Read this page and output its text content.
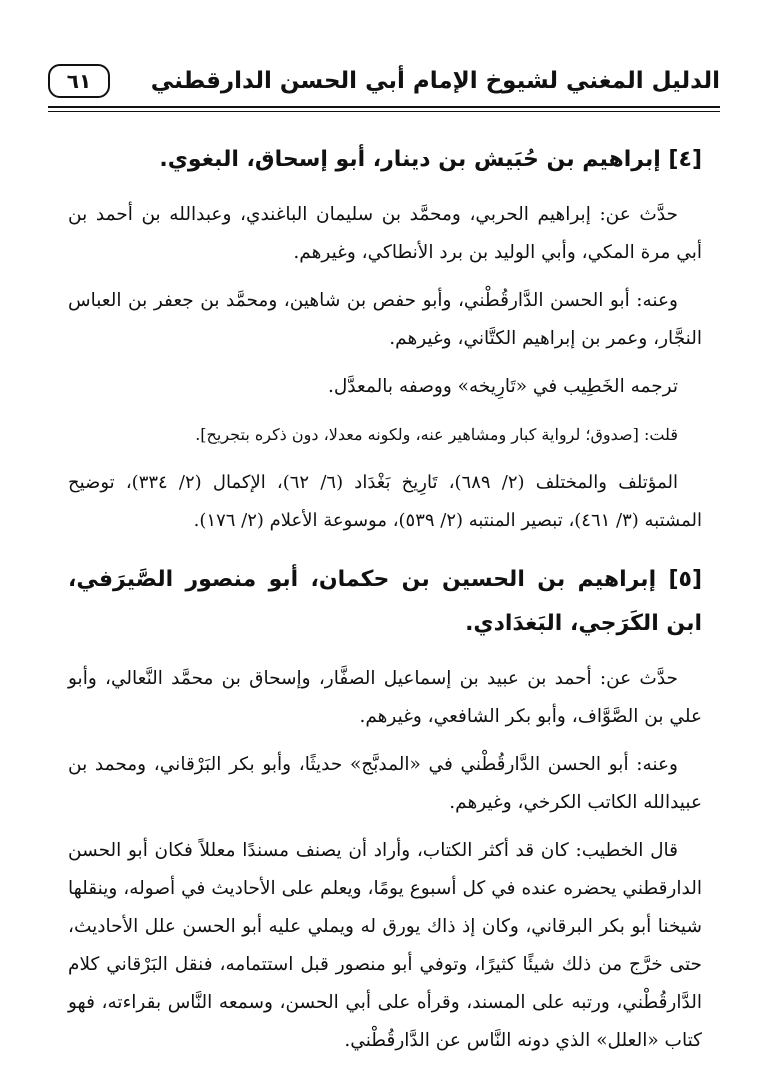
الدليل المغني لشيوخ الإمام أبي الحسن الدارقطني
٦١
[٤] إبراهيم بن حُبَيش بن دينار، أبو إسحاق، البغوي.

حدَّث عن: إبراهيم الحربي، ومحمَّد بن سليمان الباغندي، وعبدالله بن أحمد بن أبي مرة المكي، وأبي الوليد بن برد الأنطاكي، وغيرهم.

وعنه: أبو الحسن الدَّارقُطْني، وأبو حفص بن شاهين، ومحمَّد بن جعفر بن العباس النجَّار، وعمر بن إبراهيم الكتَّاني، وغيرهم.

ترجمه الخَطِيب في «تَارِيخه» ووصفه بالمعدَّل.

قلت: [صدوق؛ لرواية كبار ومشاهير عنه، ولكونه معدلا، دون ذكره بتجريح].

المؤتلف والمختلف (٢/ ٦٨٩)، تَارِيخ بَغْدَاد (٦/ ٦٢)، الإكمال (٢/ ٣٣٤)، توضيح المشتبه (٣/ ٤٦١)، تبصير المنتبه (٢/ ٥٣٩)، موسوعة الأعلام (٢/ ١٧٦).

[٥] إبراهيم بن الحسين بن حكمان، أبو منصور الصَّيرَفي، ابن الكَرَجي، البَغدَادي.

حدَّث عن: أحمد بن عبيد بن إسماعيل الصفَّار، وإسحاق بن محمَّد النَّعالي، وأبو علي بن الصَّوَّاف، وأبو بكر الشافعي، وغيرهم.

وعنه: أبو الحسن الدَّارقُطْني في «المدبَّج» حديثًا، وأبو بكر البَرْقاني، ومحمد بن عبيدالله الكاتب الكرخي، وغيرهم.

قال الخطيب: كان قد أكثر الكتاب، وأراد أن يصنف مسندًا معللاً فكان أبو الحسن الدارقطني يحضره عنده في كل أسبوع يومًا، ويعلم على الأحاديث في أصوله، وينقلها شيخنا أبو بكر البرقاني، وكان إذ ذاك يورق له ويملي عليه أبو الحسن علل الأحاديث، حتى خرَّج من ذلك شيئًا كثيرًا، وتوفي أبو منصور قبل استتمامه، فنقل البَرْقاني كلام الدَّارقُطْني، ورتبه على المسند، وقرأه على أبي الحسن، وسمعه النَّاس بقراءته، فهو كتاب «العلل» الذي دونه النَّاس عن الدَّارقُطْني.
